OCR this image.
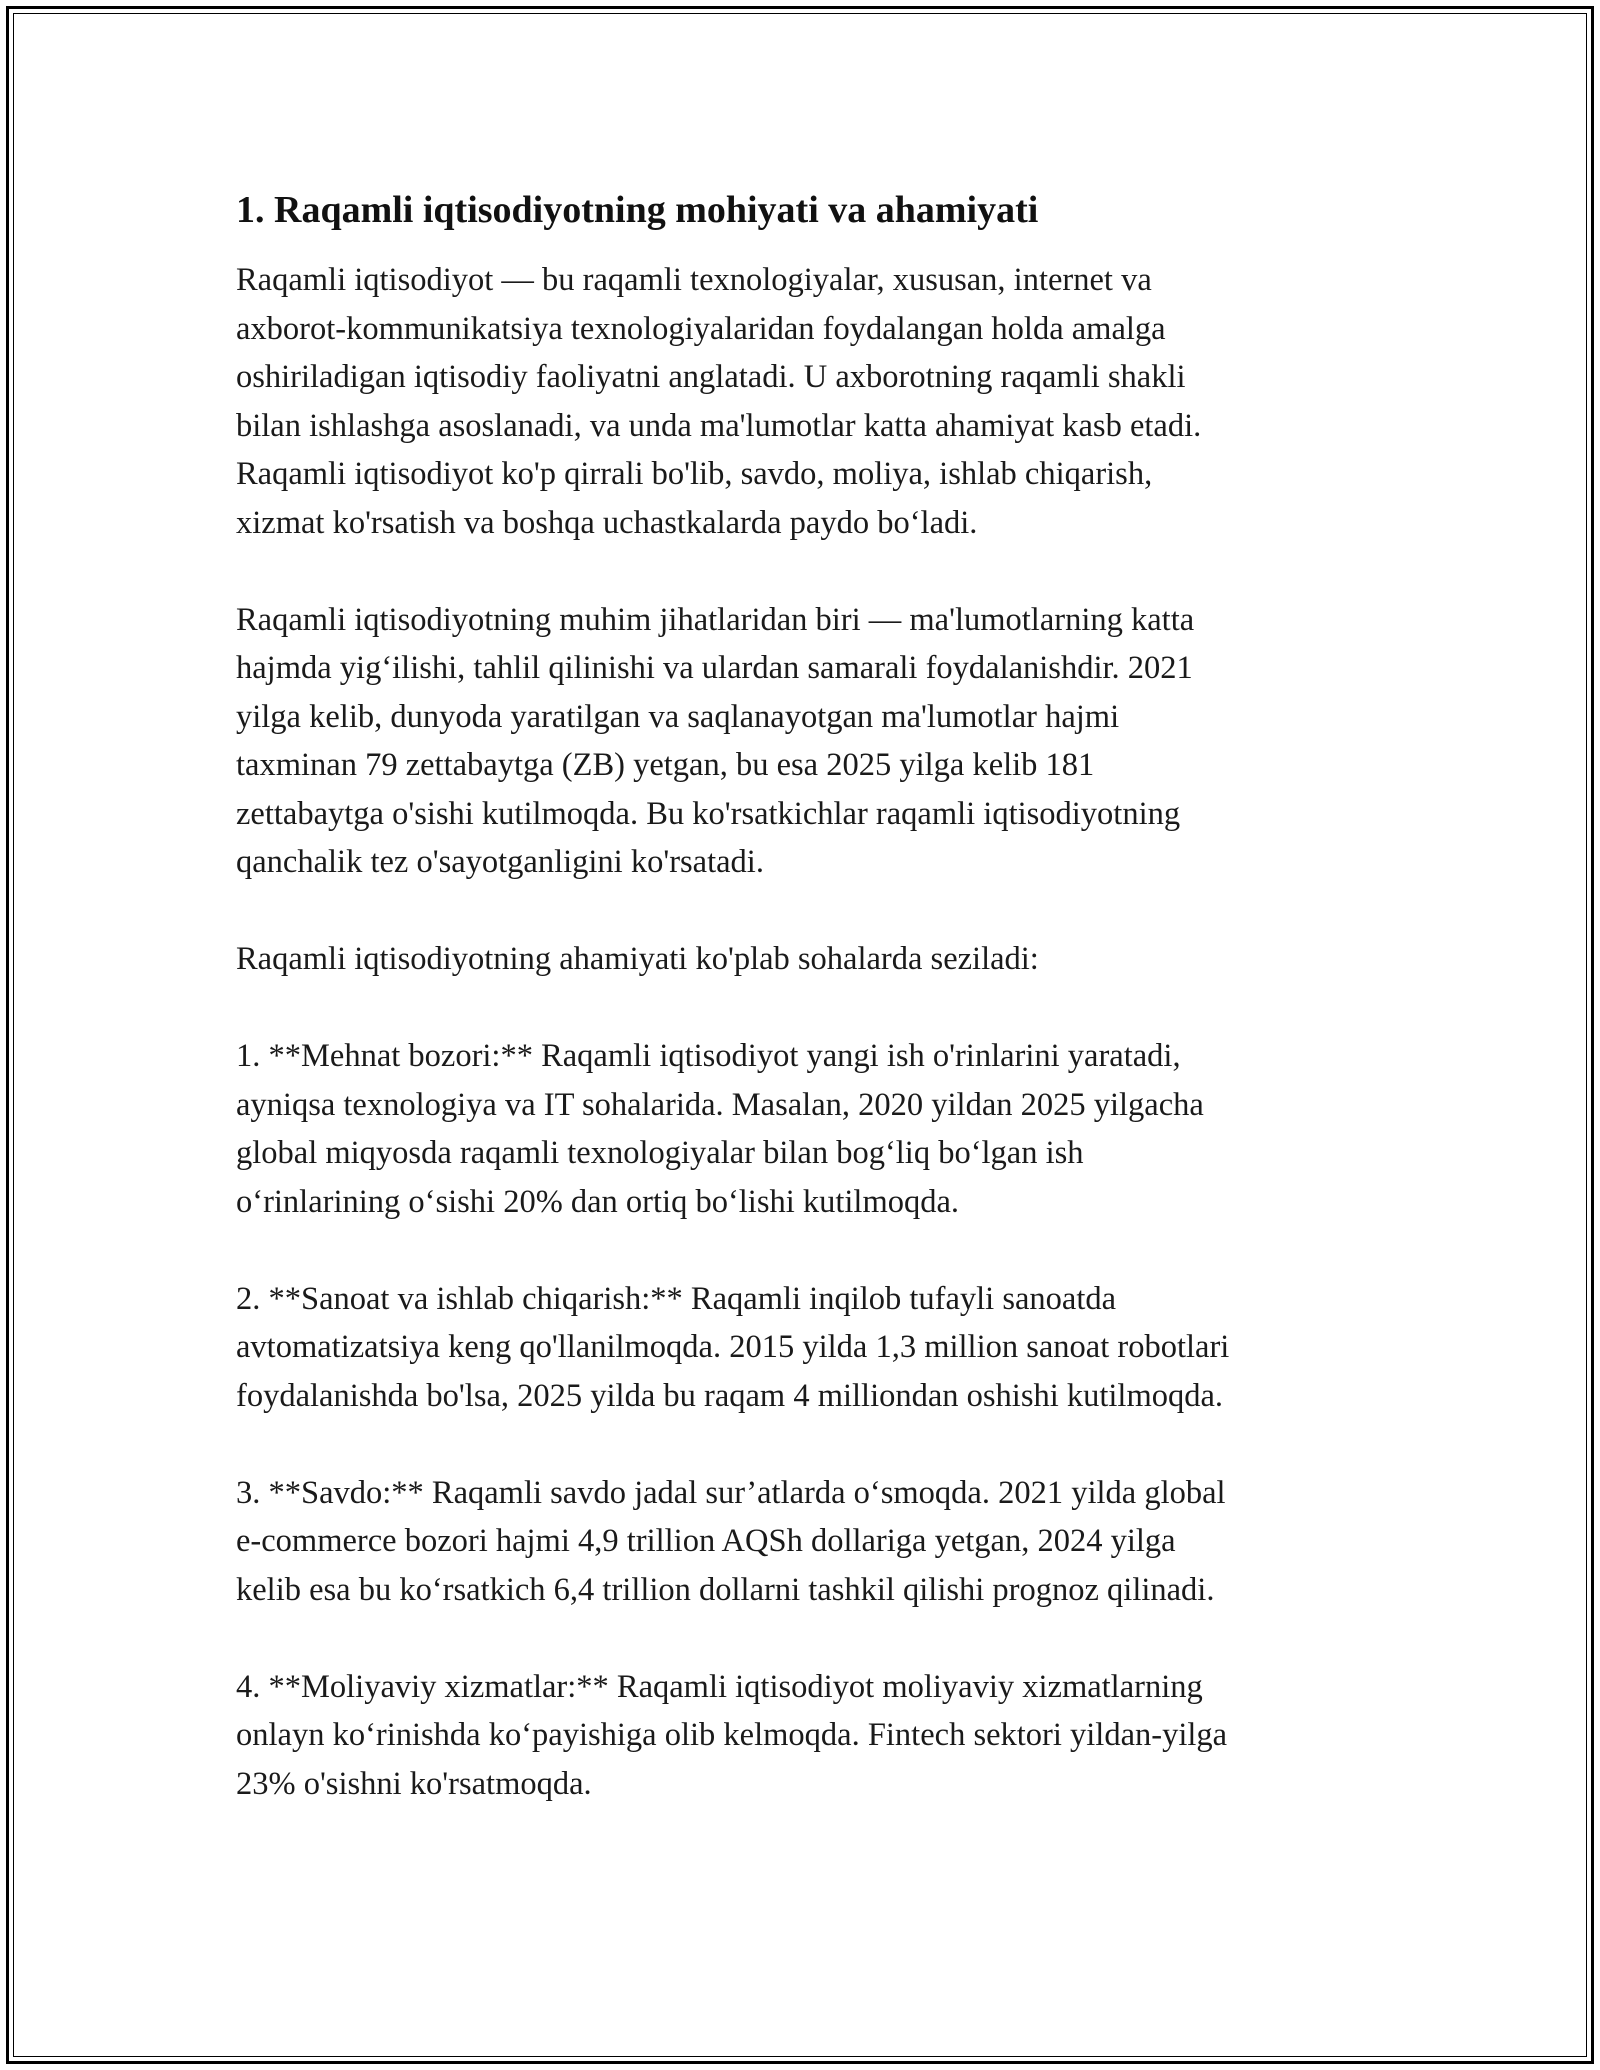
1. Raqamli iqtisodiyotning mohiyati va ahamiyati

Raqamli iqtisodiyot — bu raqamli texnologiyalar, xususan, internet va
axborot-kommunikatsiya texnologiyalaridan foydalangan holda amalga
oshiriladigan iqtisodiy faoliyatni anglatadi. U axborotning raqamli shakli
bilan ishlashga asoslanadi, va unda ma'lumotlar katta ahamiyat kasb etadi.
Raqamli iqtisodiyot ko'p qirrali bo'lib, savdo, moliya, ishlab chiqarish,
xizmat ko'rsatish va boshqa uchastkalarda paydo bo‘ladi.

Raqamli iqtisodiyotning muhim jihatlaridan biri — ma'lumotlarning katta
hajmda yig‘ilishi, tahlil qilinishi va ulardan samarali foydalanishdir. 2021
yilga kelib, dunyoda yaratilgan va saqlanayotgan ma'lumotlar hajmi
taxminan 79 zettabaytga (ZB) yetgan, bu esa 2025 yilga kelib 181
zettabaytga o'sishi kutilmoqda. Bu ko'rsatkichlar raqamli iqtisodiyotning
qanchalik tez o'sayotganligini ko'rsatadi.

Raqamli iqtisodiyotning ahamiyati ko'plab sohalarda seziladi:

1. **Mehnat bozori:** Raqamli iqtisodiyot yangi ish o'rinlarini yaratadi,
ayniqsa texnologiya va IT sohalarida. Masalan, 2020 yildan 2025 yilgacha
global miqyosda raqamli texnologiyalar bilan bog‘liq bo‘lgan ish
o‘rinlarining o‘sishi 20% dan ortiq bo‘lishi kutilmoqda.

2. **Sanoat va ishlab chiqarish:** Raqamli inqilob tufayli sanoatda
avtomatizatsiya keng qo'llanilmoqda. 2015 yilda 1,3 million sanoat robotlari
foydalanishda bo'lsa, 2025 yilda bu raqam 4 milliondan oshishi kutilmoqda.

3. **Savdo:** Raqamli savdo jadal sur’atlarda o‘smoqda. 2021 yilda global
e-commerce bozori hajmi 4,9 trillion AQSh dollariga yetgan, 2024 yilga
kelib esa bu ko‘rsatkich 6,4 trillion dollarni tashkil qilishi prognoz qilinadi.

4. **Moliyaviy xizmatlar:** Raqamli iqtisodiyot moliyaviy xizmatlarning
onlayn ko‘rinishda ko‘payishiga olib kelmoqda. Fintech sektori yildan-yilga
23% o'sishni ko'rsatmoqda.
